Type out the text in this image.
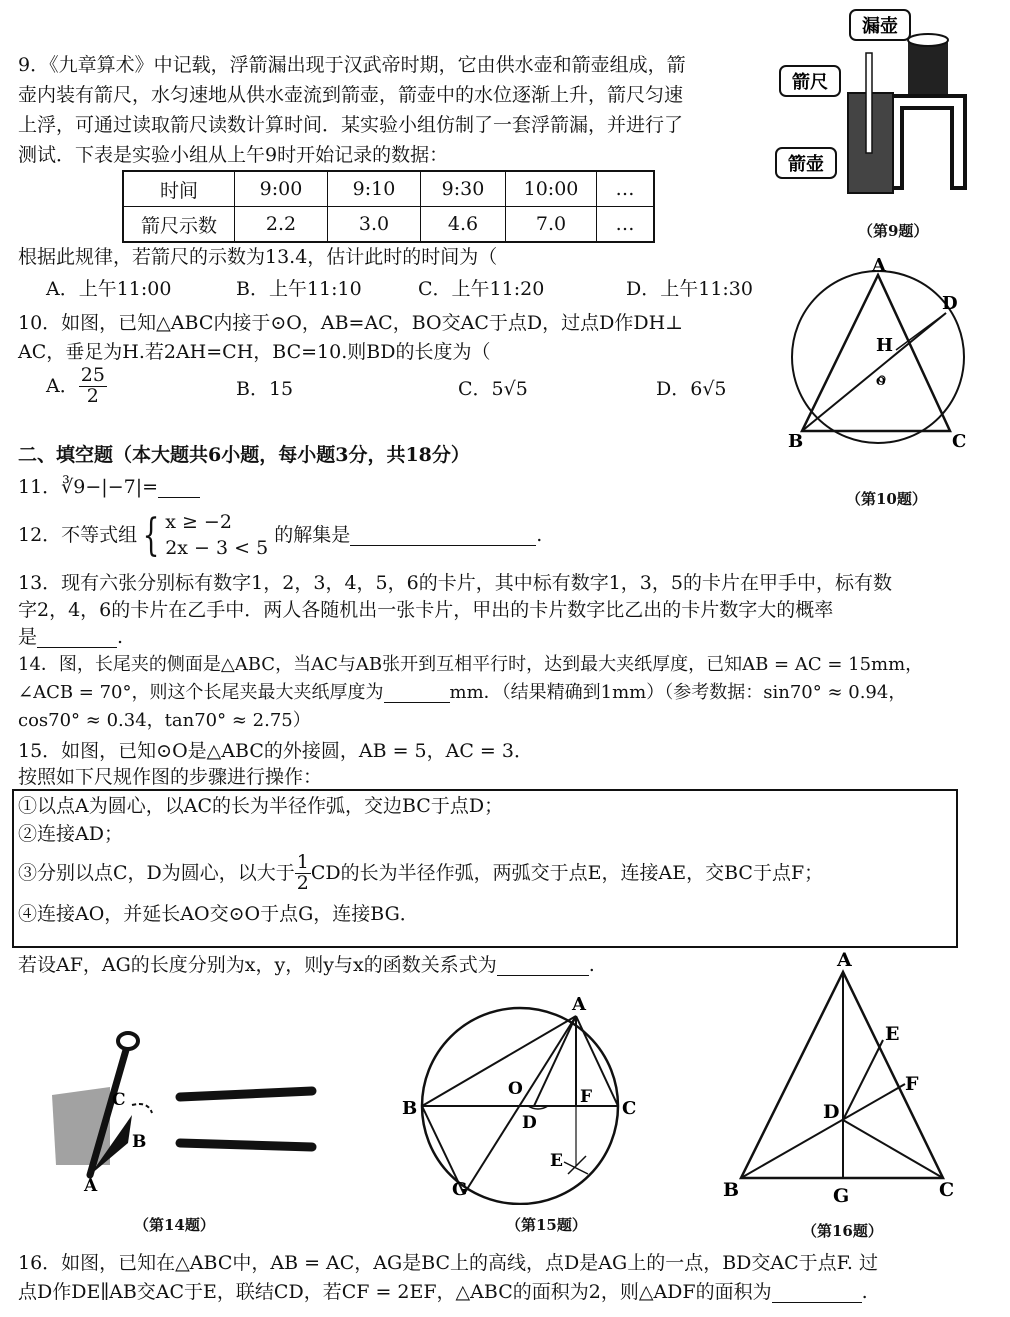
9．《九章算术》中记载，浮箭漏出现于汉武帝时期，它由供水壶和箭壶组成，箭
壶内装有箭尺，水匀速地从供水壶流到箭壶，箭壶中的水位逐渐上升，箭尺匀速
上浮，可通过读取箭尺读数计算时间．某实验小组仿制了一套浮箭漏，并进行了
测试．下表是实验小组从上午9时开始记录的数据：
时间	9:00	9:10	9:30	10:00	…
箭尺示数	2.2	3.0	4.6	7.0	…
根据此规律，若箭尺的示数为13.4，估计此时的时间为（
A．上午11:00	B．上午11:10	C．上午11:20	D．上午11:30
漏壶
箭尺
箭壶
（第9题）
10．如图，已知△ABC内接于⊙O，AB=AC，BO交AC于点D，过点D作DH⊥
AC，垂足为H.若2AH=CH，BC=10.则BD的长度为（
A． $\frac{25}{2}$	B．15	C．5√5	D．6√5
A
B	C
D
H
O
（第10题）
二、填空题（本大题共6小题，每小题3分，共18分）
11．∛9−|−7|=
12．不等式组 { x ≥ −2
2x − 3 < 5
的解集是	.
13．现有六张分别标有数字1，2，3，4，5，6的卡片，其中标有数字1，3，5的卡片在甲手中，标有数
字2，4，6的卡片在乙手中．两人各随机出一张卡片，甲出的卡片数字比乙出的卡片数字大的概率
是	.
14．图，长尾夹的侧面是△ABC，当AC与AB张开到互相平行时，达到最大夹纸厚度，已知AB = AC = 15mm，
∠ACB = 70°，则这个长尾夹最大夹纸厚度为	mm．（结果精确到1mm）（参考数据：sin70° ≈ 0.94，
cos70° ≈ 0.34，tan70° ≈ 2.75）
15．如图，已知⊙O是△ABC的外接圆，AB = 5，AC = 3．
按照如下尺规作图的步骤进行操作：
①以点A为圆心，以AC的长为半径作弧，交边BC于点D；
②连接AD；
③分别以点C，D为圆心，以大于 $\frac{1}{2}$ CD的长为半径作弧，两弧交于点E，连接AE，交BC于点F；
④连接AO，并延长AO交⊙O于点G，连接BG．
若设AF，AG的长度分别为x，y，则y与x的函数关系式为	.
C
B
A
（第14题）
A
B	C
D
F
E
G
O
（第15题）
A
B	C
D
E
F
G
（第16题）
16．如图，已知在△ABC中，AB = AC，AG是BC上的高线，点D是AG上的一点，BD交AC于点F. 过
点D作DE∥AB交AC于E，联结CD，若CF = 2EF，△ABC的面积为2，则△ADF的面积为	.
